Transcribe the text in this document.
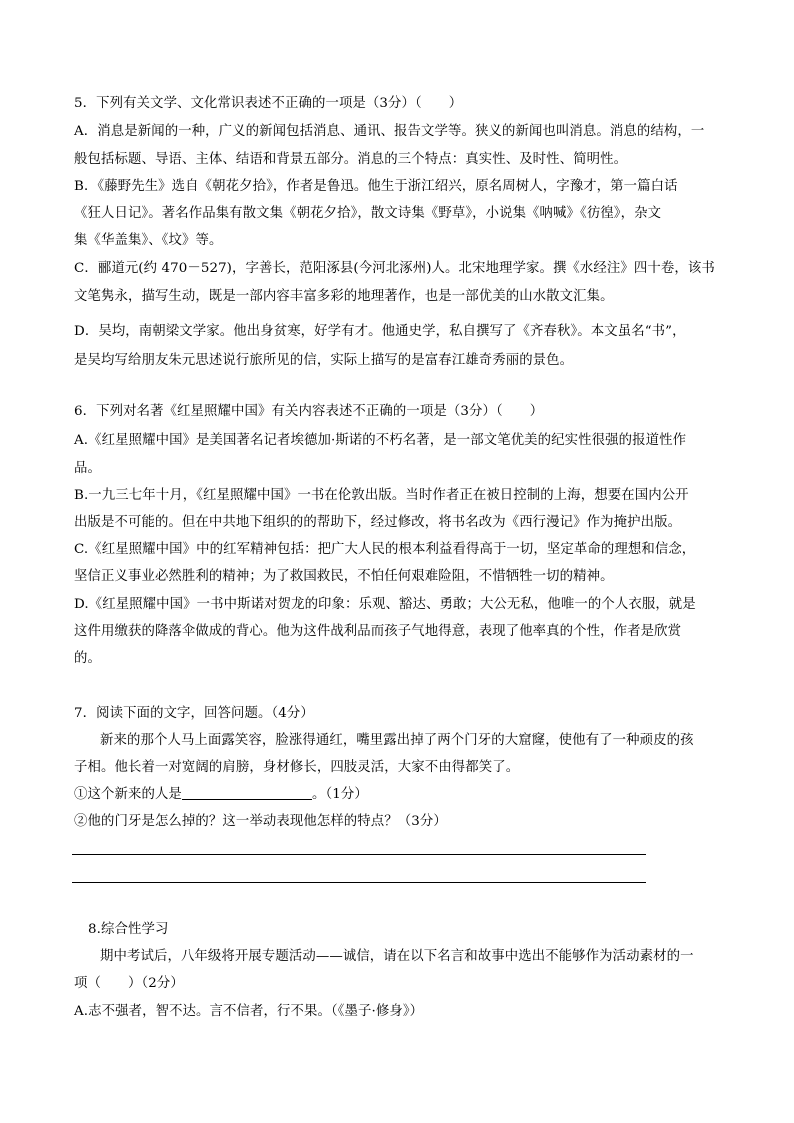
5．下列有关文学、文化常识表述不正确的一项是（3分）（　　）
A．消息是新闻的一种，广义的新闻包括消息、通讯、报告文学等。狭义的新闻也叫消息。消息的结构，一
般包括标题、导语、主体、结语和背景五部分。消息的三个特点：真实性、及时性、简明性。
B．《藤野先生》选自《朝花夕拾》，作者是鲁迅。他生于浙江绍兴，原名周树人，字豫才，第一篇白话
《狂人日记》。著名作品集有散文集《朝花夕拾》，散文诗集《野草》，小说集《呐喊》《彷徨》，杂文
集《华盖集》、《坟》等。
C．郦道元(约 470－527)，字善长，范阳涿县(今河北涿州)人。北宋地理学家。撰《水经注》四十卷，该书
文笔隽永，描写生动，既是一部内容丰富多彩的地理著作，也是一部优美的山水散文汇集。
D．吴均，南朝梁文学家。他出身贫寒，好学有才。他通史学，私自撰写了《齐春秋》。本文虽名“书”，
是吴均写给朋友朱元思述说行旅所见的信，实际上描写的是富春江雄奇秀丽的景色。
6．下列对名著《红星照耀中国》有关内容表述不正确的一项是（3分）（　　）
A.《红星照耀中国》是美国著名记者埃德加·斯诺的不朽名著，是一部文笔优美的纪实性很强的报道性作
品。
B.一九三七年十月，《红星照耀中国》一书在伦敦出版。当时作者正在被日控制的上海，想要在国内公开
出版是不可能的。但在中共地下组织的的帮助下，经过修改，将书名改为《西行漫记》作为掩护出版。
C.《红星照耀中国》中的红军精神包括：把广大人民的根本利益看得高于一切，坚定革命的理想和信念，
坚信正义事业必然胜利的精神；为了救国救民，不怕任何艰难险阻，不惜牺牲一切的精神。
D.《红星照耀中国》一书中斯诺对贺龙的印象：乐观、豁达、勇敢；大公无私，他唯一的个人衣服，就是
这件用缴获的降落伞做成的背心。他为这件战利品而孩子气地得意，表现了他率真的个性，作者是欣赏
的。
7．阅读下面的文字，回答问题。（4分）
新来的那个人马上面露笑容，脸涨得通红，嘴里露出掉了两个门牙的大窟窿，使他有了一种顽皮的孩
子相。他长着一对宽阔的肩膀，身材修长，四肢灵活，大家不由得都笑了。
①这个新来的人是	。（1分）
②他的门牙是怎么掉的？这一举动表现他怎样的特点？（3分）
8.综合性学习
期中考试后，八年级将开展专题活动——诚信，请在以下名言和故事中选出不能够作为活动素材的一
项（　　）（2分）
A.志不强者，智不达。言不信者，行不果。（《墨子·修身》）
